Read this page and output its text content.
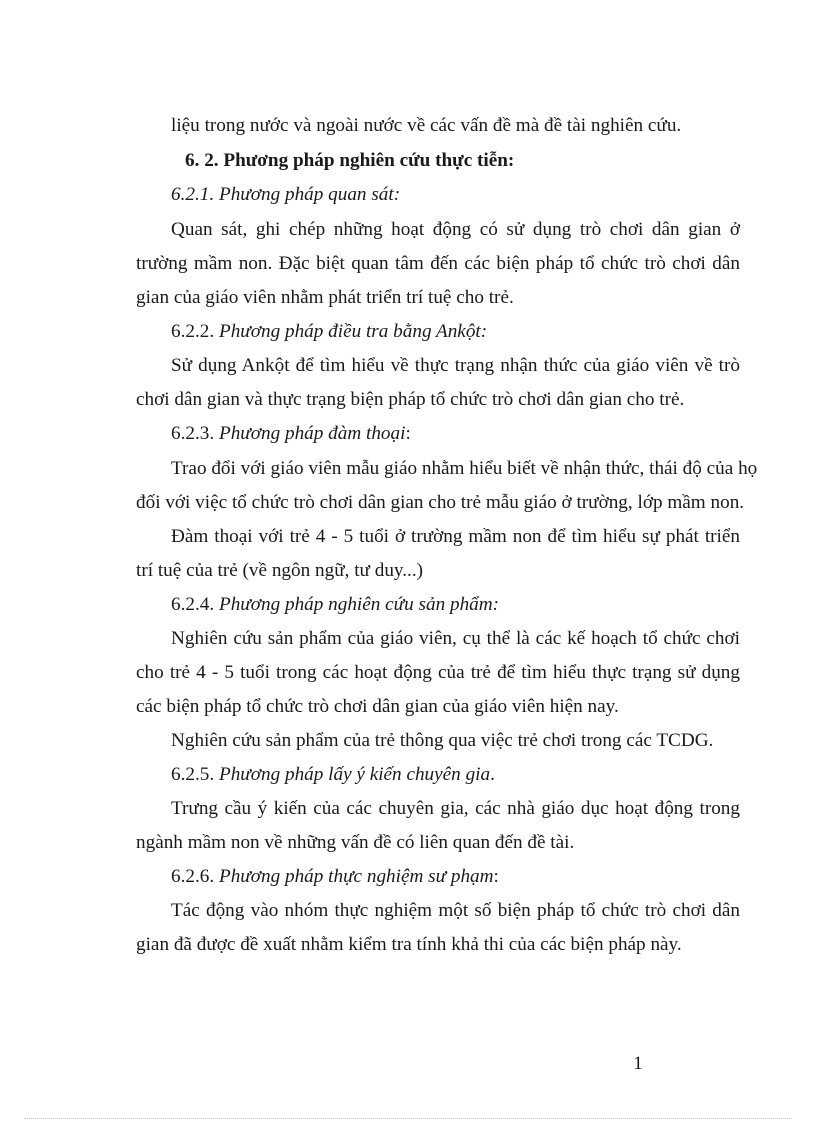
liệu trong nước và ngoài nước về các vấn đề mà đề tài nghiên cứu.

6. 2. Phương pháp nghiên cứu thực tiễn:

6.2.1. Phương pháp quan sát:

Quan sát, ghi chép những hoạt động có sử dụng trò chơi dân gian ở

trường mầm non. Đặc biệt quan tâm đến các biện pháp tổ chức trò chơi dân

gian của giáo viên nhằm phát triển trí tuệ cho trẻ.

6.2.2. Phương pháp điều tra bằng Ankột:

Sử dụng Ankột để tìm hiểu về thực trạng nhận thức của giáo viên về trò

chơi dân gian và thực trạng biện pháp tổ chức trò chơi dân gian cho trẻ.

6.2.3. Phương pháp đàm thoại:

Trao đổi với giáo viên mẫu giáo nhằm hiểu biết về nhận thức, thái độ của họ

đối với việc tổ chức trò chơi dân gian cho trẻ mẫu giáo ở trường, lớp mầm non.

Đàm thoại với trẻ 4 - 5 tuổi ở trường mầm non để tìm hiểu sự phát triển

trí tuệ của trẻ (về ngôn ngữ, tư duy...)

6.2.4. Phương pháp nghiên cứu sản phẩm:

Nghiên cứu sản phẩm của giáo viên, cụ thể là các kế hoạch tổ chức chơi

cho trẻ 4 - 5 tuổi trong các hoạt động của trẻ để tìm hiểu thực trạng sử dụng

các biện pháp tổ chức trò chơi dân gian của giáo viên hiện nay.

Nghiên cứu sản phẩm của trẻ thông qua việc trẻ chơi trong các TCDG.

6.2.5. Phương pháp lấy ý kiến chuyên gia.

Trưng cầu ý kiến của các chuyên gia, các nhà giáo dục hoạt động trong

ngành mầm non về những vấn đề có liên quan đến đề tài.

6.2.6. Phương pháp thực nghiệm sư phạm:

Tác động vào nhóm thực nghiệm một số biện pháp tổ chức trò chơi dân

gian đã được đề xuất nhằm kiểm tra tính khả thi của các biện pháp này.

1
